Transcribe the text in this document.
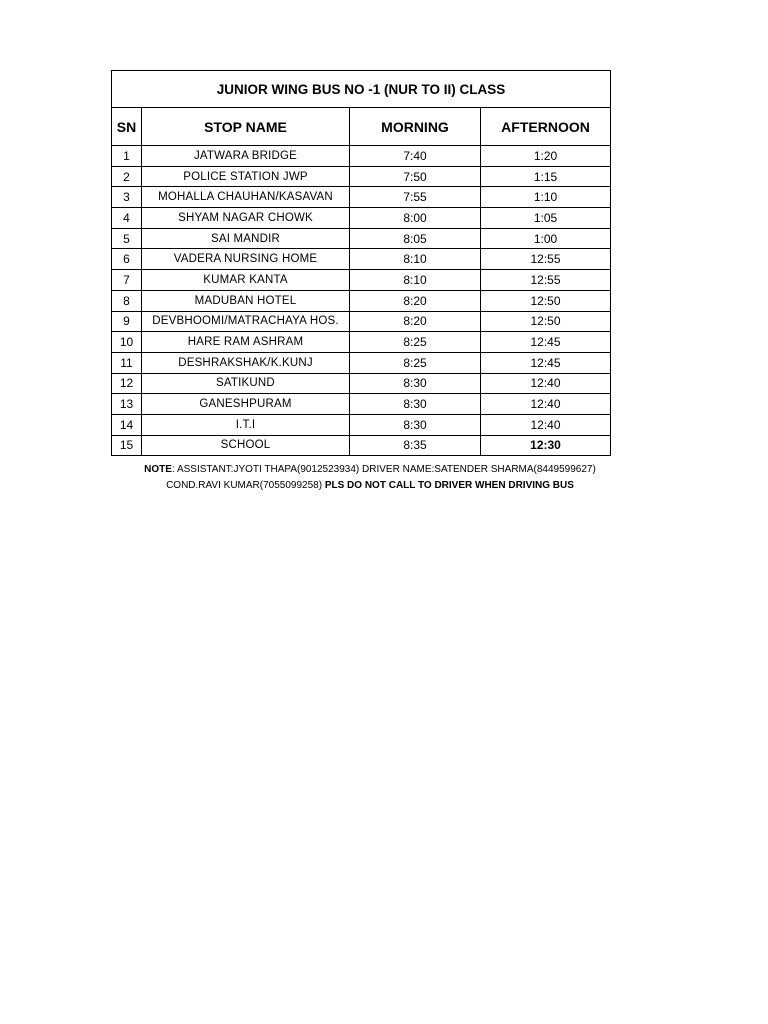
JUNIOR WING BUS NO -1 (NUR TO II) CLASS			
SN	STOP NAME	MORNING	AFTERNOON
1	JATWARA BRIDGE	7:40	1:20
2	POLICE STATION JWP	7:50	1:15
3	MOHALLA CHAUHAN/KASAVAN	7:55	1:10
4	SHYAM NAGAR CHOWK	8:00	1:05
5	SAI MANDIR	8:05	1:00
6	VADERA NURSING HOME	8:10	12:55
7	KUMAR KANTA	8:10	12:55
8	MADUBAN HOTEL	8:20	12:50
9	DEVBHOOMI/MATRACHAYA HOS.	8:20	12:50
10	HARE RAM ASHRAM	8:25	12:45
11	DESHRAKSHAK/K.KUNJ	8:25	12:45
12	SATIKUND	8:30	12:40
13	GANESHPURAM	8:30	12:40
14	I.T.I	8:30	12:40
15	SCHOOL	8:35	12:30
NOTE: ASSISTANT:JYOTI THAPA(9012523934) DRIVER NAME:SATENDER SHARMA(8449599627)
COND.RAVI KUMAR(7055099258) PLS DO NOT CALL TO DRIVER WHEN DRIVING BUS
